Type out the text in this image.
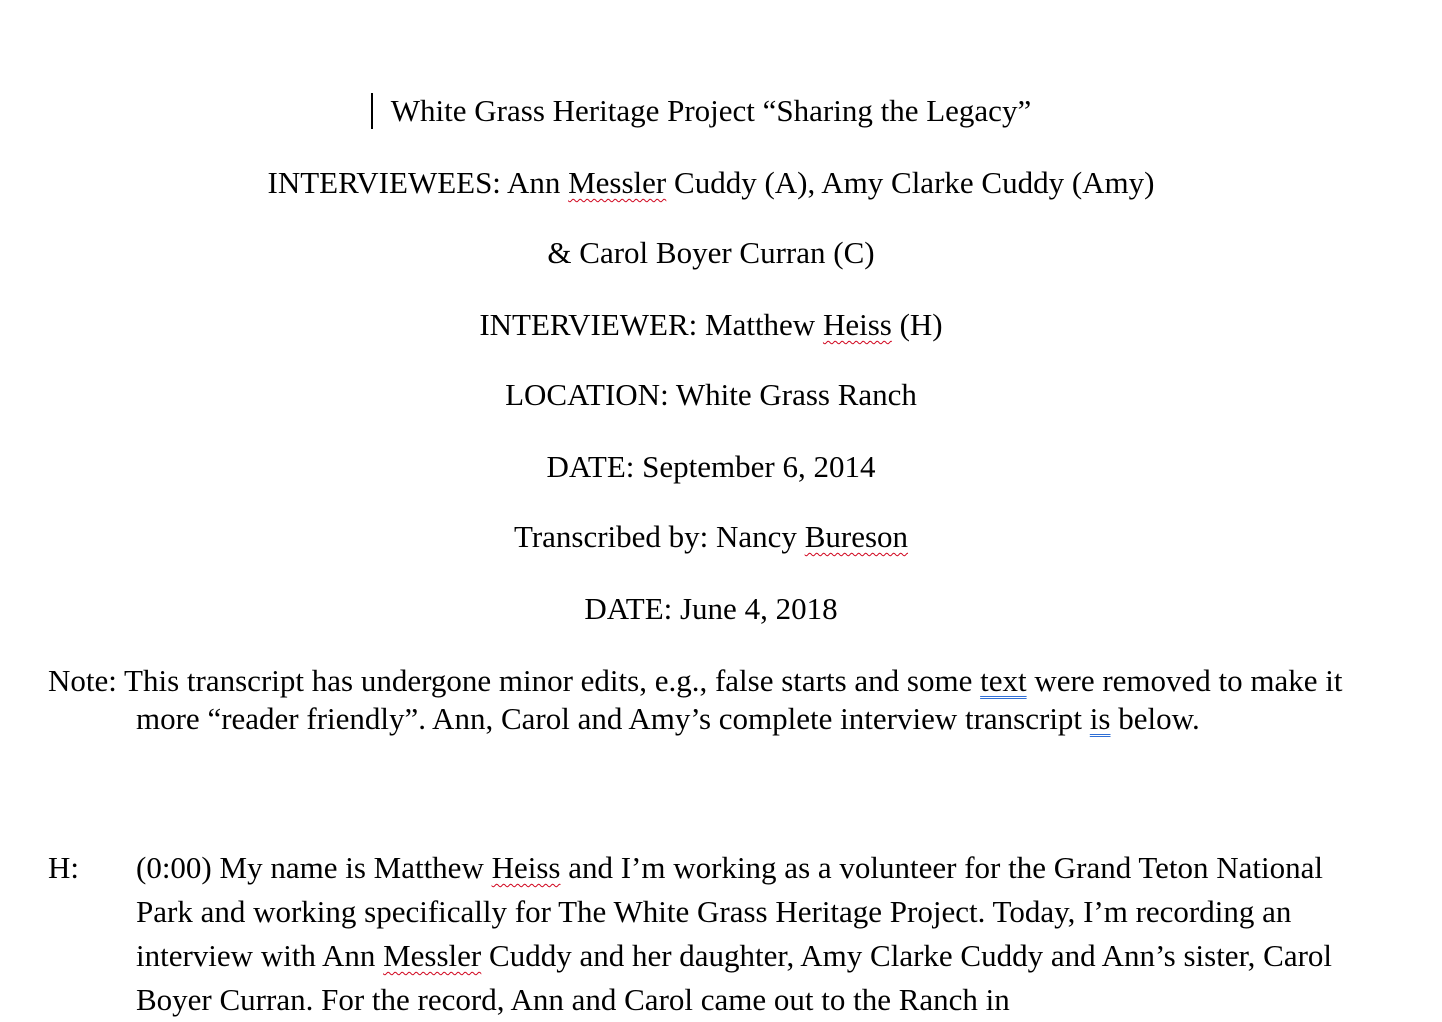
White Grass Heritage Project “Sharing the Legacy”
INTERVIEWEES: Ann Messler Cuddy (A), Amy Clarke Cuddy (Amy)
& Carol Boyer Curran (C)
INTERVIEWER: Matthew Heiss (H)
LOCATION: White Grass Ranch
DATE: September 6, 2014
Transcribed by: Nancy Bureson
DATE: June 4, 2018
Note: This transcript has undergone minor edits, e.g., false starts and some text were removed to make it more “reader friendly”. Ann, Carol and Amy’s complete interview transcript is below.
H: (0:00) My name is Matthew Heiss and I’m working as a volunteer for the Grand Teton National Park and working specifically for The White Grass Heritage Project. Today, I’m recording an interview with Ann Messler Cuddy and her daughter, Amy Clarke Cuddy and Ann’s sister, Carol Boyer Curran. For the record, Ann and Carol came out to the Ranch in
